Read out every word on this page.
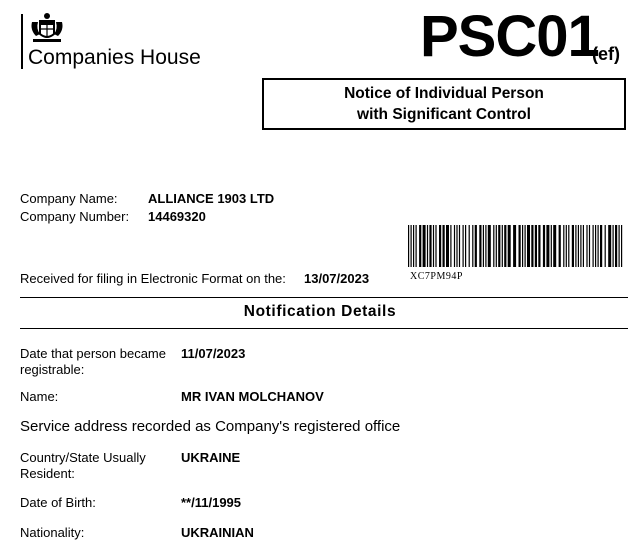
Companies House	PSC01
(ef)
Notice of Individual Person
with Significant Control
Company Name: ALLIANCE 1903 LTD
Company Number: 14469320
XC7PM94P
Received for filing in Electronic Format on the: 13/07/2023
Notification Details
Date that person became
registrable:
11/07/2023
Name:	MR IVAN MOLCHANOV
Service address recorded as Company's registered office
Country/State Usually
Resident:
UKRAINE
Date of Birth:	**/11/1995
Nationality:	UKRAINIAN
